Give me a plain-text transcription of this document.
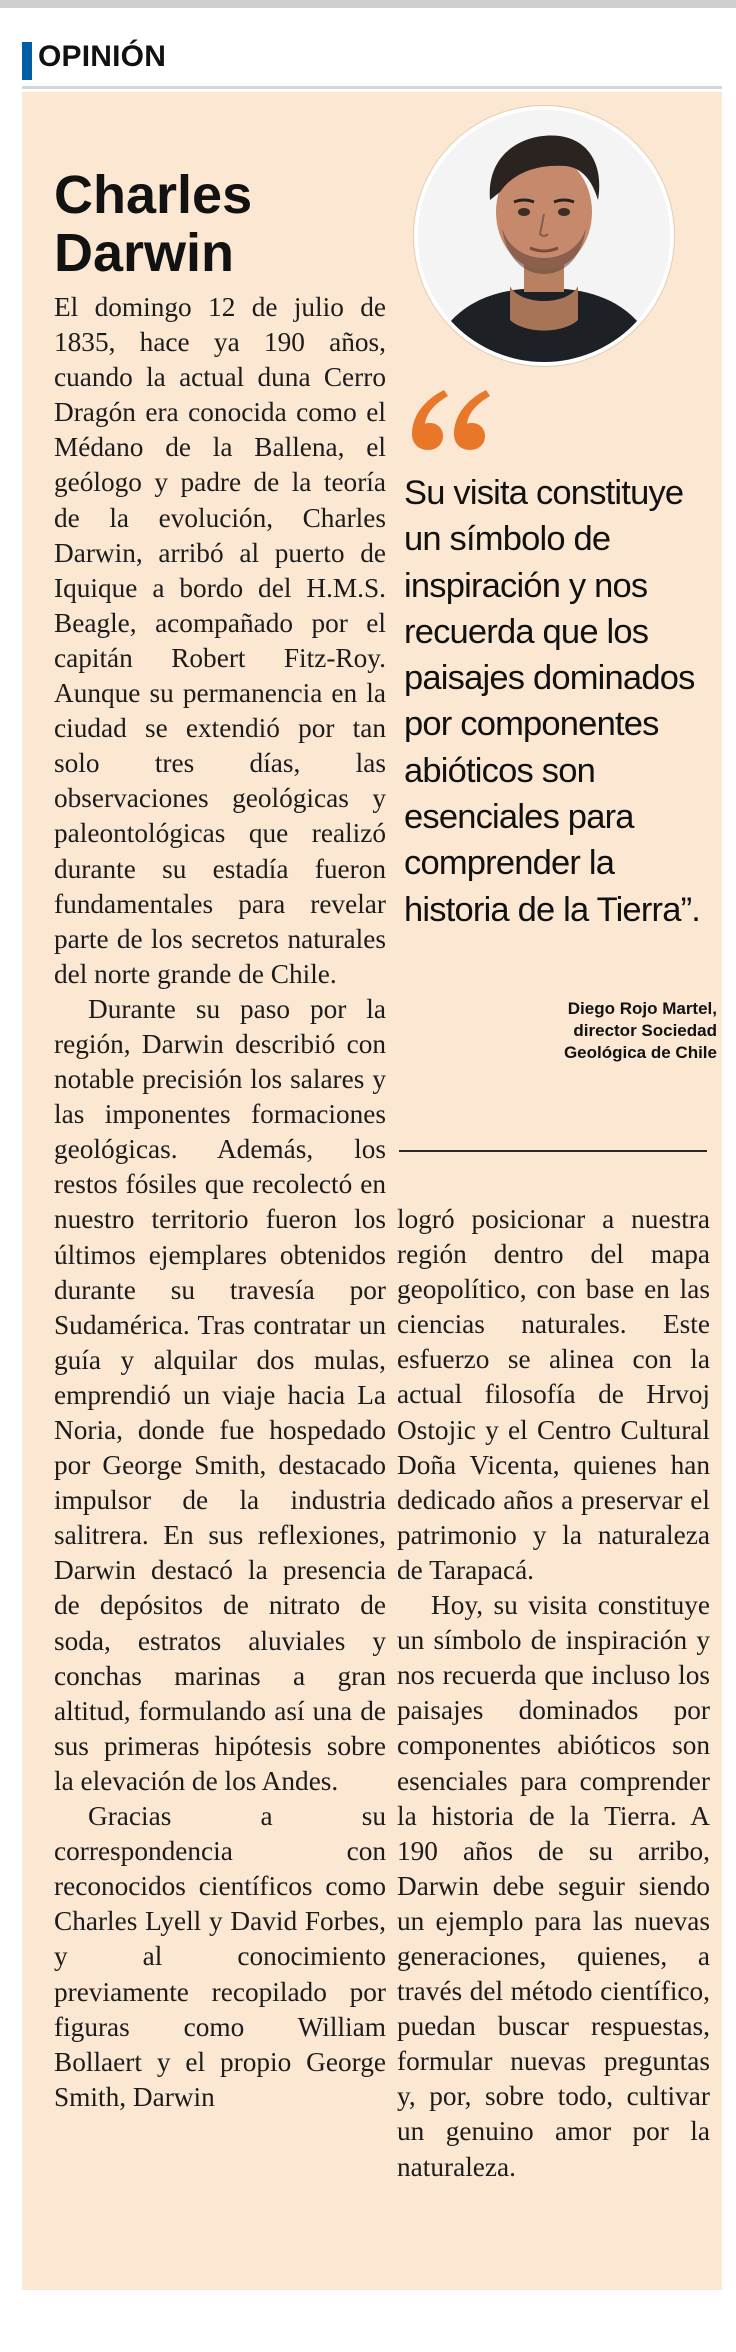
OPINIÓN
Charles
Darwin

Su visita constituye un símbolo de inspiración y nos recuerda que los paisajes dominados por componentes abióticos son esenciales para comprender la historia de la Tierra”.

Diego Rojo Martel,
director Sociedad
Geológica de Chile

El domingo 12 de julio de 1835, hace ya 190 años, cuando la actual duna Cerro Dragón era conocida como el Médano de la Ballena, el geólogo y padre de la teoría de la evolución, Charles Darwin, arribó al puerto de Iquique a bordo del H.M.S. Beagle, acompañado por el capitán Robert Fitz-Roy. Aunque su permanencia en la ciudad se extendió por tan solo tres días, las observaciones geológicas y paleontológicas que realizó durante su estadía fueron fundamentales para revelar parte de los secretos naturales del norte grande de Chile.

Durante su paso por la región, Darwin describió con notable precisión los salares y las imponentes formaciones geológicas. Además, los restos fósiles que recolectó en nuestro territorio fueron los últimos ejemplares obtenidos durante su travesía por Sudamérica. Tras contratar un guía y alquilar dos mulas, emprendió un viaje hacia La Noria, donde fue hospedado por George Smith, destacado impulsor de la industria salitrera. En sus reflexiones, Darwin destacó la presencia de depósitos de nitrato de soda, estratos aluviales y conchas marinas a gran altitud, formulando así una de sus primeras hipótesis sobre la elevación de los Andes.

Gracias a su correspondencia con reconocidos científicos como Charles Lyell y David Forbes, y al conocimiento previamente recopilado por figuras como William Bollaert y el propio George Smith, Darwin

logró posicionar a nuestra región dentro del mapa geopolítico, con base en las ciencias naturales. Este esfuerzo se alinea con la actual filosofía de Hrvoj Ostojic y el Centro Cultural Doña Vicenta, quienes han dedicado años a preservar el patrimonio y la naturaleza de Tarapacá.

Hoy, su visita constituye un símbolo de inspiración y nos recuerda que incluso los paisajes dominados por componentes abióticos son esenciales para comprender la historia de la Tierra. A 190 años de su arribo, Darwin debe seguir siendo un ejemplo para las nuevas generaciones, quienes, a través del método científico, puedan buscar respuestas, formular nuevas preguntas y, por, sobre todo, cultivar un genuino amor por la naturaleza.
